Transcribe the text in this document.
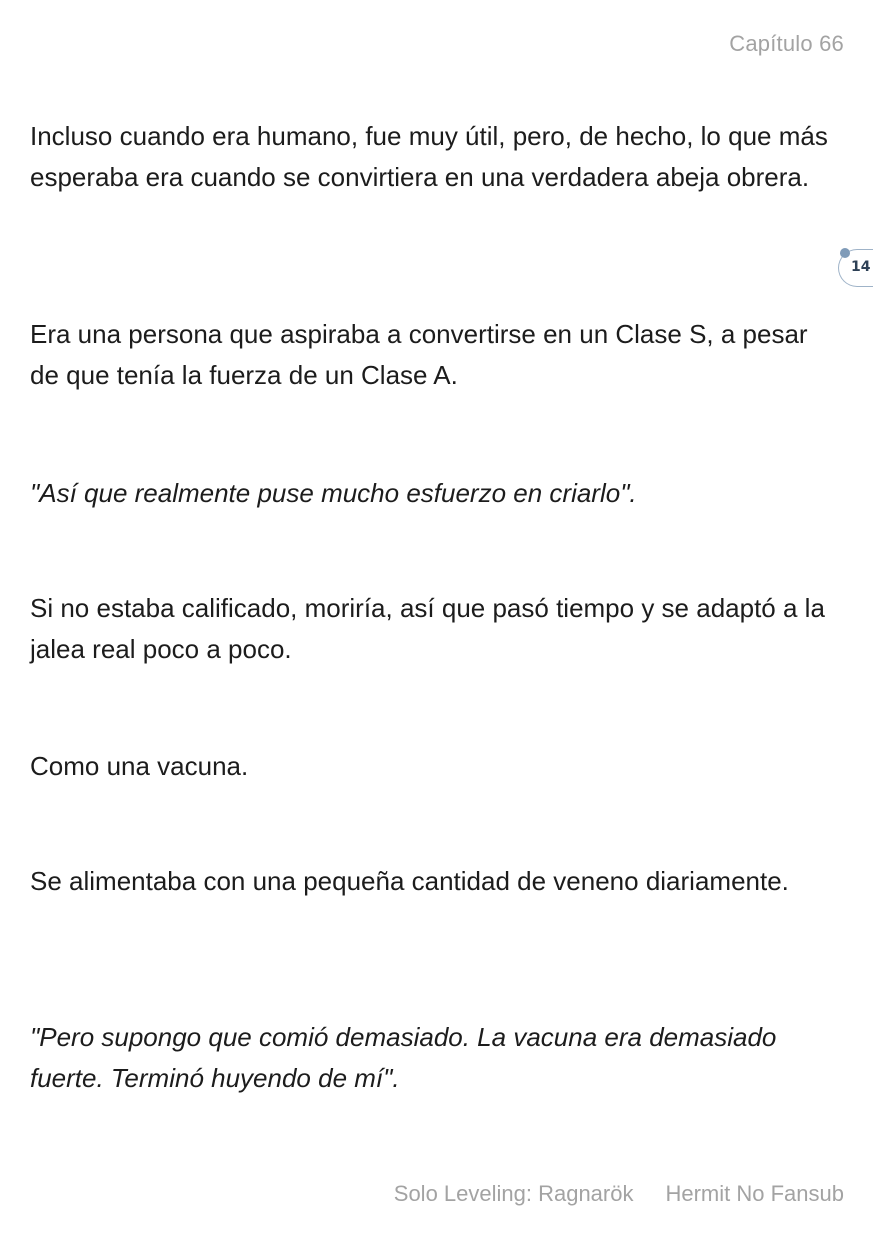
Capítulo 66

Incluso cuando era humano, fue muy útil, pero, de hecho, lo que más esperaba era cuando se convirtiera en una verdadera abeja obrera.

Era una persona que aspiraba a convertirse en un Clase S, a pesar de que tenía la fuerza de un Clase A.

"Así que realmente puse mucho esfuerzo en criarlo".

Si no estaba calificado, moriría, así que pasó tiempo y se adaptó a la jalea real poco a poco.

Como una vacuna.

Se alimentaba con una pequeña cantidad de veneno diariamente.

"Pero supongo que comió demasiado. La vacuna era demasiado fuerte. Terminó huyendo de mí".

14
Solo Leveling: Ragnarök Hermit No Fansub
